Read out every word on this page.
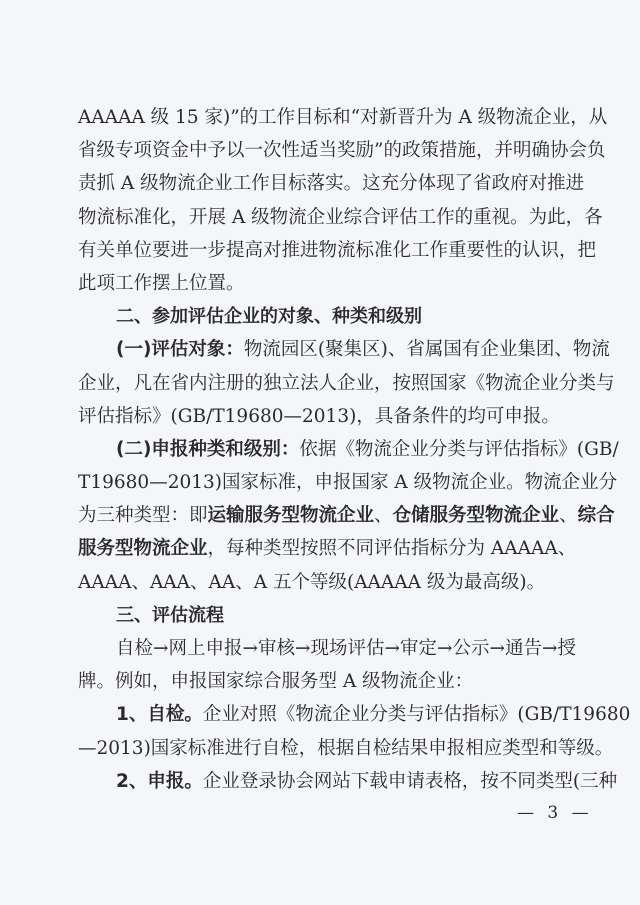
AAAAA 级 15 家)”的工作目标和“对新晋升为 A 级物流企业，从
省级专项资金中予以一次性适当奖励”的政策措施，并明确协会负
责抓 A 级物流企业工作目标落实。这充分体现了省政府对推进
物流标准化，开展 A 级物流企业综合评估工作的重视。为此，各
有关单位要进一步提高对推进物流标准化工作重要性的认识，把
此项工作摆上位置。
二、参加评估企业的对象、种类和级别
(一)评估对象：物流园区(聚集区)、省属国有企业集团、物流
企业，凡在省内注册的独立法人企业，按照国家《物流企业分类与
评估指标》(GB/T19680—2013)，具备条件的均可申报。
(二)申报种类和级别：依据《物流企业分类与评估指标》(GB/
T19680—2013)国家标准，申报国家 A 级物流企业。物流企业分
为三种类型：即运输服务型物流企业、仓储服务型物流企业、综合
服务型物流企业，每种类型按照不同评估指标分为 AAAAA、
AAAA、AAA、AA、A 五个等级(AAAAA 级为最高级)。
三、评估流程
自检→网上申报→审核→现场评估→审定→公示→通告→授
牌。例如，申报国家综合服务型 A 级物流企业：
1、自检。企业对照《物流企业分类与评估指标》(GB/T19680
—2013)国家标准进行自检，根据自检结果申报相应类型和等级。
2、申报。企业登录协会网站下载申请表格，按不同类型(三种
— 3 —
